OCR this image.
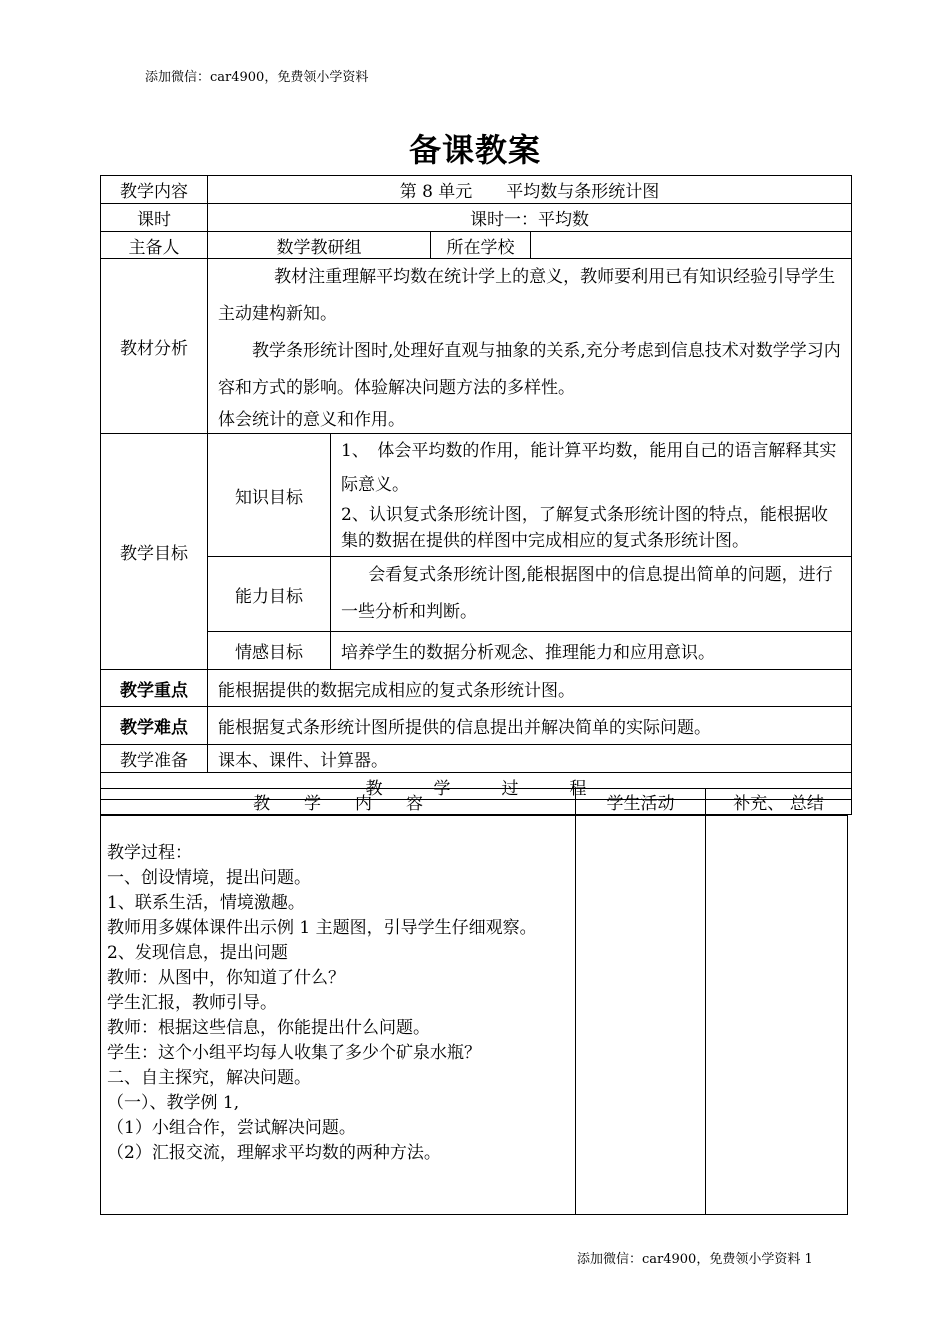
添加微信：car4900，免费领小学资料
备课教案
教学内容	第 8 单元　　平均数与条形统计图			
课时	课时一：平均数			
主备人	数学教研组		所在学校	
教材分析	教材注重理解平均数在统计学上的意义，教师要利用已有知识经验引导学生主动建构新知。

教学条形统计图时,处理好直观与抽象的关系,充分考虑到信息技术对数学学习内容和方式的影响。体验解决问题方法的多样性。

体会统计的意义和作用。			

教学目标	知识目标	1、　体会平均数的作用，能计算平均数，能用自己的语言解释其实际意义。
2、认识复式条形统计图，了解复式条形统计图的特点，能根据收集的数据在提供的样图中完成相应的复式条形统计图。		

	能力目标	会看复式条形统计图,能根据图中的信息提出简单的问题，进行一些分析和判断。		
	情感目标	培养学生的数据分析观念、推理能力和应用意识。		
教学重点	能根据提供的数据完成相应的复式条形统计图。			
教学难点	能根据复式条形统计图所提供的信息提出并解决简单的实际问题。			
教学准备	课本、课件、计算器。			
教　　　学　　　过　　　程				
教　　学　　内　　容	学生活动	补充、 总结
教学过程：
一、创设情境，提出问题。
1、联系生活，情境激趣。
教师用多媒体课件出示例 1 主题图，引导学生仔细观察。
2、发现信息，提出问题
教师：从图中，你知道了什么？
学生汇报，教师引导。
教师：根据这些信息，你能提出什么问题。
学生：这个小组平均每人收集了多少个矿泉水瓶？
二、自主探究，解决问题。
（一）、教学例 1,
（1）小组合作，尝试解决问题。
（2）汇报交流，理解求平均数的两种方法。

添加微信：car4900，免费领小学资料 1
